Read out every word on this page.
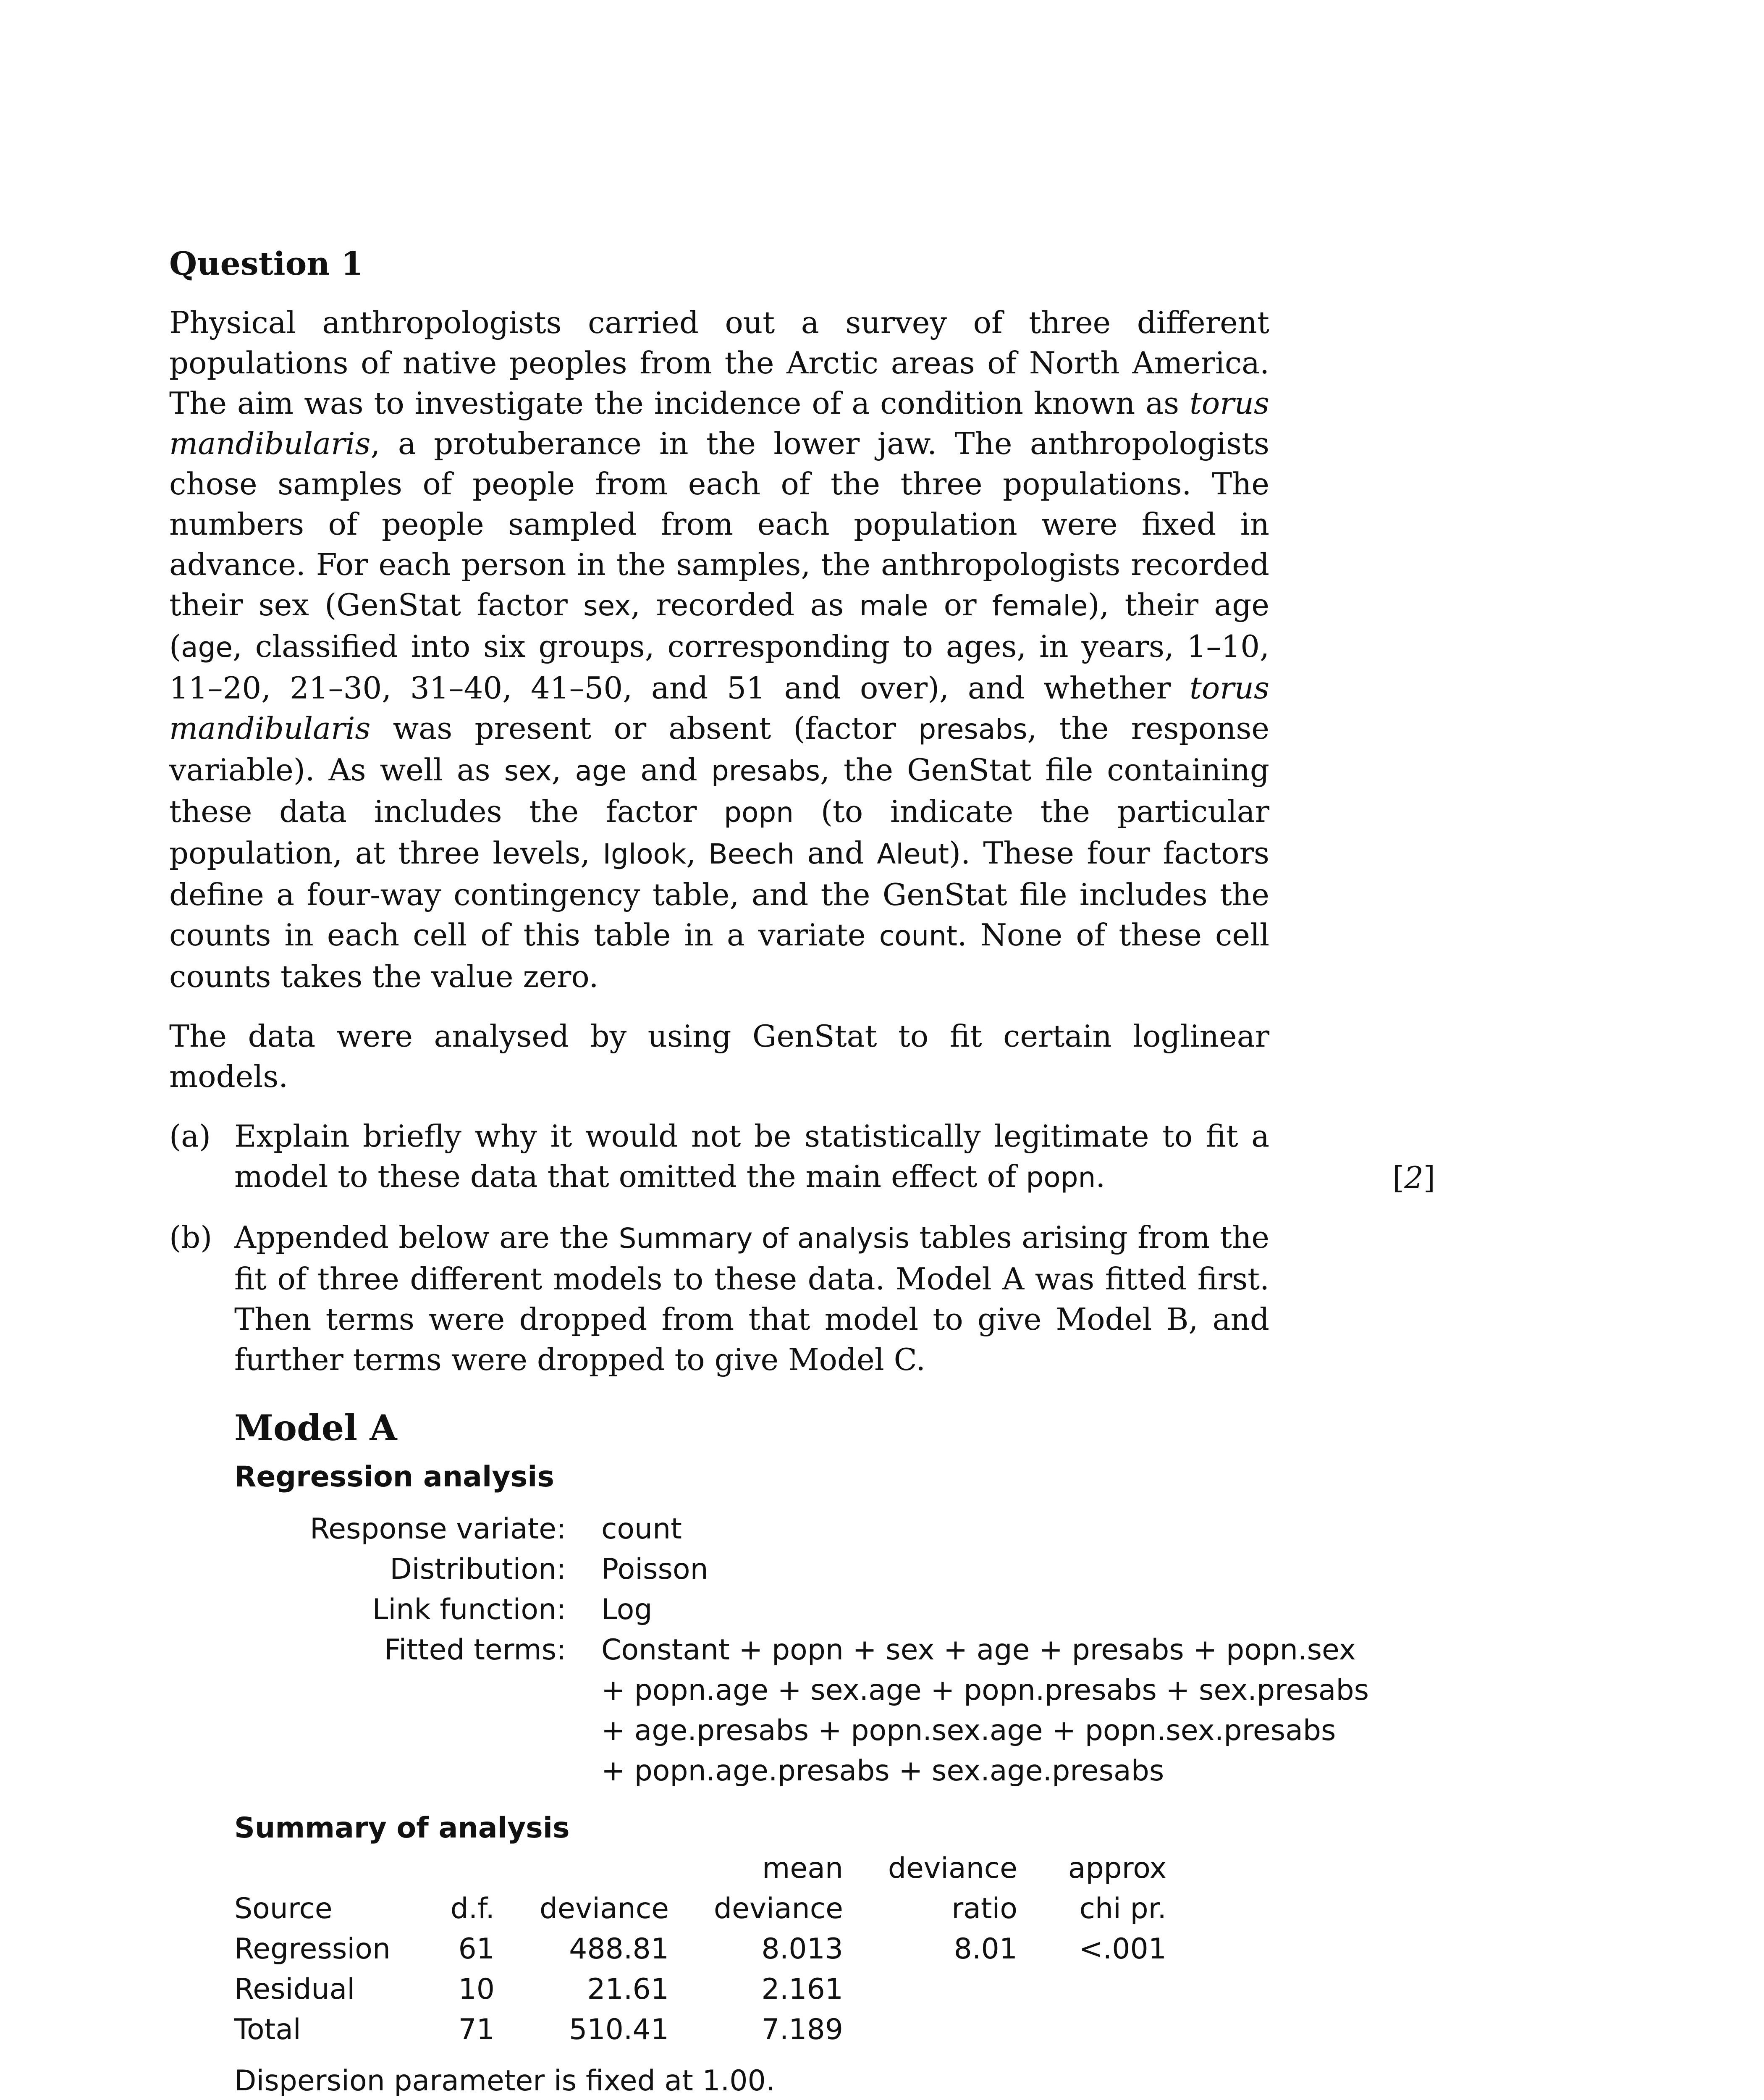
Question 1

Physical anthropologists carried out a survey of three different populations of native peoples from the Arctic areas of North America. The aim was to investigate the incidence of a condition known as torus mandibularis, a protuberance in the lower jaw. The anthropologists chose samples of people from each of the three populations. The numbers of people sampled from each population were fixed in advance. For each person in the samples, the anthropologists recorded their sex (GenStat factor sex, recorded as male or female), their age (age, classified into six groups, corresponding to ages, in years, 1–10, 11–20, 21–30, 31–40, 41–50, and 51 and over), and whether torus mandibularis was present or absent (factor presabs, the response variable). As well as sex, age and presabs, the GenStat file containing these data includes the factor popn (to indicate the particular population, at three levels, Iglook, Beech and Aleut). These four factors define a four-way contingency table, and the GenStat file includes the counts in each cell of this table in a variate count. None of these cell counts takes the value zero.

The data were analysed by using GenStat to fit certain loglinear models.

(a) Explain briefly why it would not be statistically legitimate to fit a model to these data that omitted the main effect of popn.	[2]
(b) Appended below are the Summary of analysis tables arising from the fit of three different models to these data. Model A was fitted first. Then terms were dropped from that model to give Model B, and further terms were dropped to give Model C.
Model A
Regression analysis
Response variate:	count
Distribution:	Poisson
Link function:	Log
Fitted terms:	Constant + popn + sex + age + presabs + popn.sex
+ popn.age + sex.age + popn.presabs + sex.presabs
+ age.presabs + popn.sex.age + popn.sex.presabs
+ popn.age.presabs + sex.age.presabs
Summary of analysis
			mean	deviance	approx
Source	d.f.	deviance	deviance	ratio	chi pr.
Regression	61	488.81	8.013	8.01	<.001
Residual	10	21.61	2.161		
Total	71	510.41	7.189		

Dispersion parameter is fixed at 1.00.
